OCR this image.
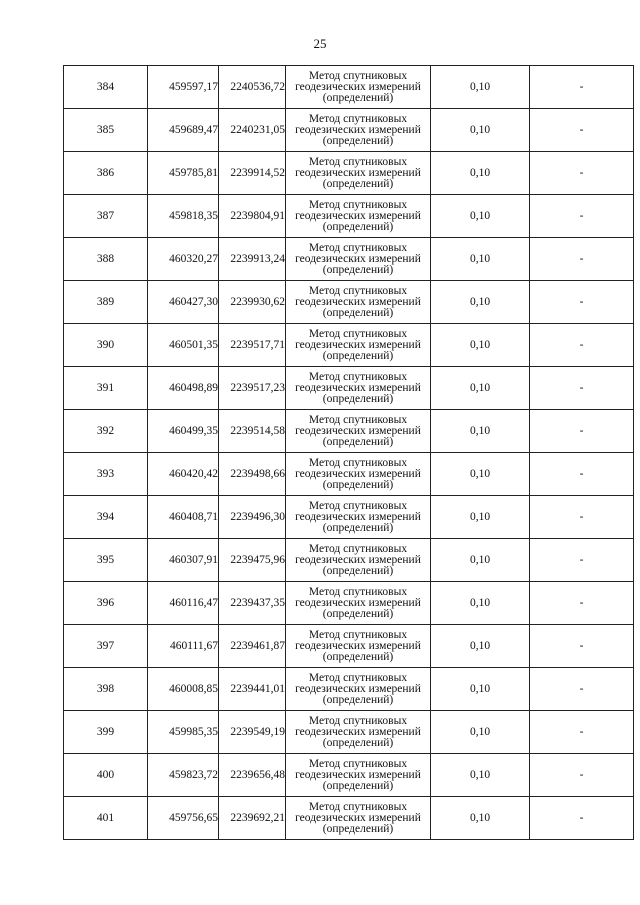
25
384	459597,17	2240536,72	Метод спутниковых
геодезических измерений
(определений)	0,10	-
385	459689,47	2240231,05	Метод спутниковых
геодезических измерений
(определений)	0,10	-
386	459785,81	2239914,52	Метод спутниковых
геодезических измерений
(определений)	0,10	-
387	459818,35	2239804,91	Метод спутниковых
геодезических измерений
(определений)	0,10	-
388	460320,27	2239913,24	Метод спутниковых
геодезических измерений
(определений)	0,10	-
389	460427,30	2239930,62	Метод спутниковых
геодезических измерений
(определений)	0,10	-
390	460501,35	2239517,71	Метод спутниковых
геодезических измерений
(определений)	0,10	-
391	460498,89	2239517,23	Метод спутниковых
геодезических измерений
(определений)	0,10	-
392	460499,35	2239514,58	Метод спутниковых
геодезических измерений
(определений)	0,10	-
393	460420,42	2239498,66	Метод спутниковых
геодезических измерений
(определений)	0,10	-
394	460408,71	2239496,30	Метод спутниковых
геодезических измерений
(определений)	0,10	-
395	460307,91	2239475,96	Метод спутниковых
геодезических измерений
(определений)	0,10	-
396	460116,47	2239437,35	Метод спутниковых
геодезических измерений
(определений)	0,10	-
397	460111,67	2239461,87	Метод спутниковых
геодезических измерений
(определений)	0,10	-
398	460008,85	2239441,01	Метод спутниковых
геодезических измерений
(определений)	0,10	-
399	459985,35	2239549,19	Метод спутниковых
геодезических измерений
(определений)	0,10	-
400	459823,72	2239656,48	Метод спутниковых
геодезических измерений
(определений)	0,10	-
401	459756,65	2239692,21	Метод спутниковых
геодезических измерений
(определений)	0,10	-
